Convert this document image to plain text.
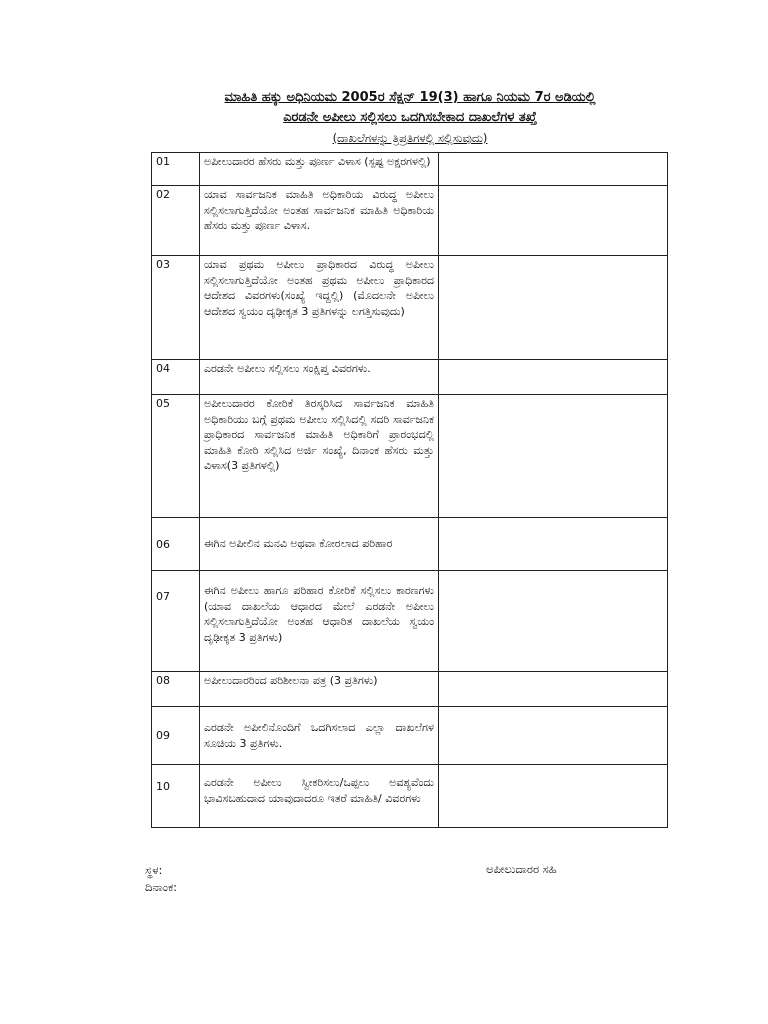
ಮಾಹಿತಿ ಹಕ್ಕು ಅಧಿನಿಯಮ 2005ರ ಸೆಕ್ಷನ್ 19(3) ಹಾಗೂ ನಿಯಮ 7ರ ಅಡಿಯಲ್ಲಿ
ಎರಡನೇ ಅಪೀಲು ಸಲ್ಲಿಸಲು ಒದಗಿಸಬೇಕಾದ ದಾಖಲೆಗಳ ತಖ್ತೆ
(ದಾಖಲೆಗಳನ್ನು ತ್ರಿಪ್ರತಿಗಳಲ್ಲಿ ಸಲ್ಲಿಸುವುದು)
01	ಅಪೀಲುದಾರರ ಹೆಸರು ಮತ್ತು ಪೂರ್ಣ ವಿಳಾಸ (ಸ್ಪಷ್ಟ ಅಕ್ಷರಗಳಲ್ಲಿ)	
02	ಯಾವ ಸಾರ್ವಜನಿಕ ಮಾಹಿತಿ ಅಧಿಕಾರಿಯ ವಿರುದ್ಧ ಅಪೀಲು ಸಲ್ಲಿಸಲಾಗುತ್ತಿದೆಯೋ ಅಂತಹ ಸಾರ್ವಜನಿಕ ಮಾಹಿತಿ ಅಧಿಕಾರಿಯ ಹೆಸರು ಮತ್ತು ಪೂರ್ಣ ವಿಳಾಸ.	
03	ಯಾವ ಪ್ರಥಮ ಅಪೀಲು ಪ್ರಾಧಿಕಾರದ ವಿರುದ್ಧ ಅಪೀಲು ಸಲ್ಲಿಸಲಾಗುತ್ತಿದೆಯೋ ಅಂತಹ ಪ್ರಥಮ ಅಪೀಲು ಪ್ರಾಧಿಕಾರದ ಆದೇಶದ ವಿವರಗಳು(ಸಂಖ್ಯೆ ಇದ್ದಲ್ಲಿ) (ಮೊದಲನೇ ಅಪೀಲು ಆದೇಶದ ಸ್ವಯಂ ದೃಢೀಕೃತ 3 ಪ್ರತಿಗಳನ್ನು ಲಗತ್ತಿಸುವುದು)	
04	ಎರಡನೇ ಅಪೀಲು ಸಲ್ಲಿಸಲು ಸಂಕ್ಷಿಪ್ತ ವಿವರಗಳು.	
05	ಅಪೀಲುದಾರರ ಕೋರಿಕೆ ತಿರಸ್ಕರಿಸಿದ ಸಾರ್ವಜನಿಕ ಮಾಹಿತಿ ಅಧಿಕಾರಿಯು ಬಗ್ಗೆ ಪ್ರಥಮ ಅಪೀಲು ಸಲ್ಲಿಸಿದಲ್ಲಿ ಸದರಿ ಸಾರ್ವಜನಿಕ ಪ್ರಾಧಿಕಾರದ ಸಾರ್ವಜನಿಕ ಮಾಹಿತಿ ಅಧಿಕಾರಿಗೆ ಪ್ರಾರಂಭದಲ್ಲಿ ಮಾಹಿತಿ ಕೋರಿ ಸಲ್ಲಿಸಿದ ಅರ್ಜಿ ಸಂಖ್ಯೆ, ದಿನಾಂಕ ಹೆಸರು ಮತ್ತು ವಿಳಾಸ(3 ಪ್ರತಿಗಳಲ್ಲಿ)	
06	ಈಗಿನ ಅಪೀಲಿನ ಮನವಿ ಅಥವಾ ಕೋರಲಾದ ಪರಿಹಾರ	
07	ಈಗಿನ ಅಪೀಲು ಹಾಗೂ ಪರಿಹಾರ ಕೋರಿಕೆ ಸಲ್ಲಿಸಲು ಕಾರಣಗಳು (ಯಾವ ದಾಖಲೆಯ ಆಧಾರದ ಮೇಲೆ ಎರಡನೇ ಅಪೀಲು ಸಲ್ಲಿಸಲಾಗುತ್ತಿದೆಯೋ ಅಂತಹ ಆಧಾರಿತ ದಾಖಲೆಯ ಸ್ವಯಂ ದೃಢೀಕೃತ 3 ಪ್ರತಿಗಳು)	
08	ಅಪೀಲುದಾರರಿಂದ ಪರಿಶೀಲನಾ ಪತ್ರ (3 ಪ್ರತಿಗಳು)	
09	ಎರಡನೇ ಅಪೀಲಿನೊಂದಿಗೆ ಒದಗಿಸಲಾದ ಎಲ್ಲಾ ದಾಖಲೆಗಳ ಸೂಚಿಯ 3 ಪ್ರತಿಗಳು.	
10	ಎರಡನೇ ಅಪೀಲು ಸ್ವೀಕರಿಸಲು/ಒಪ್ಪಲು ಅವಶ್ಯವೆಂದು ಭಾವಿಸಬಹುದಾದ ಯಾವುದಾದರೂ ಇತರೆ ಮಾಹಿತಿ/ ವಿವರಗಳು	
ಸ್ಥಳ:
ದಿನಾಂಕ:
ಅಪೀಲುದಾರರ ಸಹಿ
